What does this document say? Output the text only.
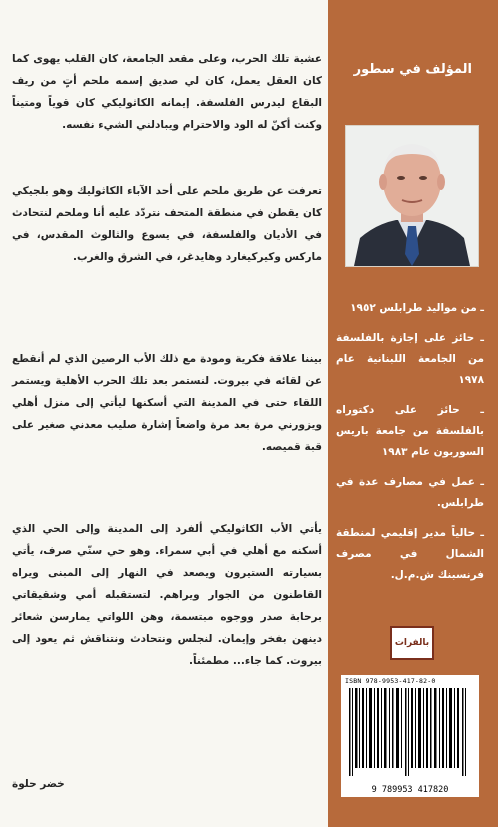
عشية تلك الحرب، وعلى مقعد الجامعة، كان القلب يهوى كما كان العقل يعمل، كان لي صديق إسمه ملحم أتٍ من ريف البقاع ليدرس الفلسفة. إيمانه الكاثوليكي كان قوياً ومتيناً وكنت أكنّ له الود والاحترام ويبادلني الشيء نفسه.
تعرفت عن طريق ملحم على أحد الآباء الكاثوليك وهو بلجيكي كان يقطن في منطقة المتحف نتردّد عليه أنا وملحم لنتحادث في الأديان والفلسفة، في يسوع والثالوث المقدس، في ماركس وكيركيغارد وهايدغر، في الشرق والغرب.
بيننا علاقة فكرية ومودة مع ذلك الأب الرصين الذي لم أنقطع عن لقائه في بيروت. لنستمر بعد تلك الحرب الأهلية ويستمر اللقاء حتى في المدينة التي أسكنها ليأتي إلى منزل أهلي ويزورني مرة بعد مرة واضعاً إشارة صليب معدني صغير على قبة قميصه.
يأتي الأب الكاثوليكي ألفرد إلى المدينة وإلى الحي الذي أسكنه مع أهلي في أبي سمراء. وهو حي سنّي صرف، يأتي بسيارته الستيرون ويصعد في النهار إلى المبنى ويراه القاطنون من الجوار ويراهم. لتستقبله أمي وشقيقاتي برحابة صدر ووجوه مبتسمة، وهن اللواتي يمارسن شعائر دينهن بفخر وإيمان. لنجلس ونتحادث ونتناقش ثم يعود إلى بيروت. كما جاء... مطمئناً.
خضر حلوة
المؤلف في سطور
ـ من مواليد طرابلس ١٩٥٢
ـ حائز على إجازة بالفلسفة من الجامعة اللبنانية عام ١٩٧٨
ـ حائز على دكتوراه بالفلسفة من جامعة باريس السوربون عام ١٩٨٣
ـ عمل في مصارف عدة في طرابلس.
ـ حالياً مدير إقليمي لمنطقة الشمال في مصرف فرنسبنك ش.م.ل.
بالفرات
ISBN 978-9953-417-82-0
9 789953 417820
